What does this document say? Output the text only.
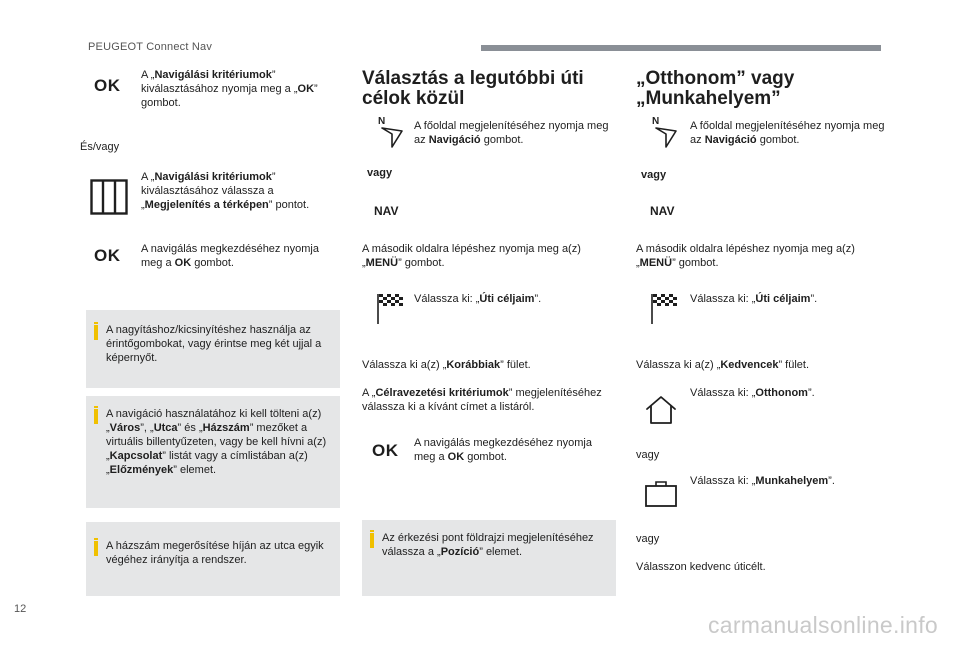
PEUGEOT Connect Nav
OK
A „Navigálási kritériumok” kiválasztásához nyomja meg a „OK” gombot.
És/vagy
A „Navigálási kritériumok” kiválasztásához válassza a „Megjelenítés a térképen” pontot.
OK A navigálás megkezdéséhez nyomja meg a OK gombot.
A nagyításhoz/kicsinyítéshez használja az érintőgombokat, vagy érintse meg két ujjal a képernyőt.
A navigáció használatához ki kell tölteni a(z) „Város”, „Utca” és „Házszám” mezőket a virtuális billentyűzeten, vagy be kell hívni a(z) „Kapcsolat” listát vagy a címlistában a(z) „Előzmények” elemet.
A házszám megerősítése híján az utca egyik végéhez irányítja a rendszer.
Választás a legutóbbi úti célok közül
N	A főoldal megjelenítéséhez nyomja meg az Navigáció gombot.
vagy
NAV
A második oldalra lépéshez nyomja meg a(z) „MENÜ” gombot.
Válassza ki: „Úti céljaim”.
Válassza ki a(z) „Korábbiak” fület.
A „Célravezetési kritériumok” megjelenítéséhez válassza ki a kívánt címet a listáról.
OK A navigálás megkezdéséhez nyomja meg a OK gombot.
Az érkezési pont földrajzi megjelenítéséhez válassza a „Pozíció” elemet.
„Otthonom” vagy „Munkahelyem”
N	A főoldal megjelenítéséhez nyomja meg az Navigáció gombot.
vagy
NAV
A második oldalra lépéshez nyomja meg a(z) „MENÜ” gombot.
Válassza ki: „Úti céljaim”.
Válassza ki a(z) „Kedvencek” fület.
Válassza ki: „Otthonom”.
vagy
Válassza ki: „Munkahelyem”.
vagy
Válasszon kedvenc úticélt.
12
carmanualsonline.info
